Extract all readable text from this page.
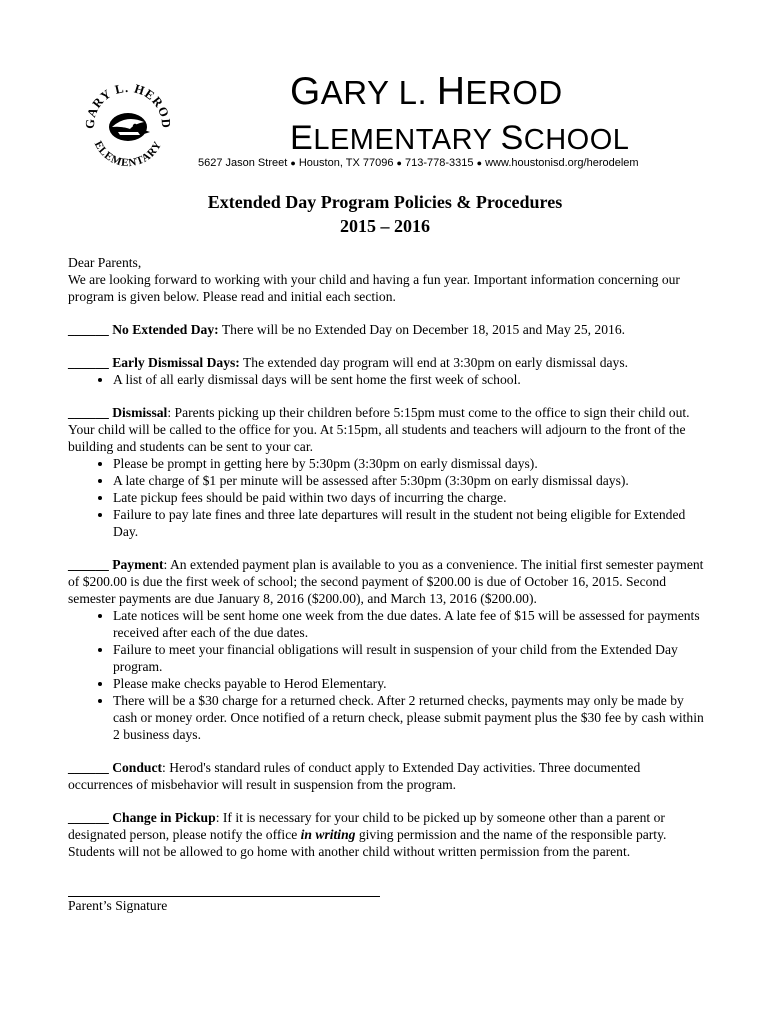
GARY L. HEROD
ELEMENTARY
GARY L. HEROD
ELEMENTARY SCHOOL
5627 Jason Street ● Houston, TX 77096 ● 713-778-3315 ● www.houstonisd.org/herodelem
Extended Day Program Policies & Procedures
2015 – 2016

Dear Parents,

We are looking forward to working with your child and having a fun year. Important information concerning our program is given below. Please read and initial each section.

______ No Extended Day: There will be no Extended Day on December 18, 2015 and May 25, 2016.

______ Early Dismissal Days: The extended day program will end at 3:30pm on early dismissal days.

• A list of all early dismissal days will be sent home the first week of school.

______ Dismissal: Parents picking up their children before 5:15pm must come to the office to sign their child out. Your child will be called to the office for you. At 5:15pm, all students and teachers will adjourn to the front of the building and students can be sent to your car.

• Please be prompt in getting here by 5:30pm (3:30pm on early dismissal days).
• A late charge of $1 per minute will be assessed after 5:30pm (3:30pm on early dismissal days).
• Late pickup fees should be paid within two days of incurring the charge.
• Failure to pay late fines and three late departures will result in the student not being eligible for Extended Day.

______ Payment: An extended payment plan is available to you as a convenience. The initial first semester payment of $200.00 is due the first week of school; the second payment of $200.00 is due of October 16, 2015. Second semester payments are due January 8, 2016 ($200.00), and March 13, 2016 ($200.00).

• Late notices will be sent home one week from the due dates. A late fee of $15 will be assessed for payments received after each of the due dates.
• Failure to meet your financial obligations will result in suspension of your child from the Extended Day program.
• Please make checks payable to Herod Elementary.
• There will be a $30 charge for a returned check. After 2 returned checks, payments may only be made by cash or money order. Once notified of a return check, please submit payment plus the $30 fee by cash within 2 business days.

______ Conduct: Herod's standard rules of conduct apply to Extended Day activities. Three documented occurrences of misbehavior will result in suspension from the program.

______ Change in Pickup: If it is necessary for your child to be picked up by someone other than a parent or designated person, please notify the office in writing giving permission and the name of the responsible party. Students will not be allowed to go home with another child without written permission from the parent.

Parent’s Signature
